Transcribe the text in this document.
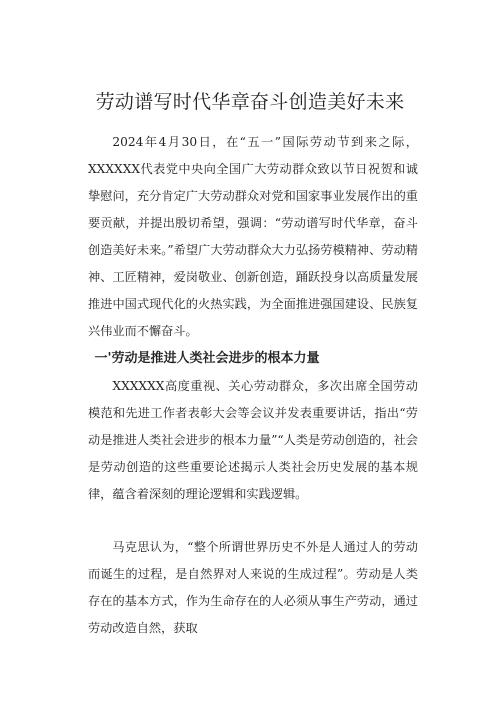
劳动谱写时代华章奋斗创造美好未来

2024年4月30日，在“五一”国际劳动节到来之际，XXXXXX代表党中央向全国广大劳动群众致以节日祝贺和诚挚慰问，充分肯定广大劳动群众对党和国家事业发展作出的重要贡献，并提出殷切希望，强调：“劳动谱写时代华章，奋斗创造美好未来。”希望广大劳动群众大力弘扬劳模精神、劳动精神、工匠精神，爱岗敬业、创新创造，踊跃投身以高质量发展推进中国式现代化的火热实践，为全面推进强国建设、民族复兴伟业而不懈奋斗。

一'劳动是推进人类社会进步的根本力量

XXXXXX高度重视、关心劳动群众，多次出席全国劳动模范和先进工作者表彰大会等会议并发表重要讲话，指出“劳动是推进人类社会进步的根本力量”“人类是劳动创造的，社会是劳动创造的这些重要论述揭示人类社会历史发展的基本规律，蕴含着深刻的理论逻辑和实践逻辑。

马克思认为，“整个所谓世界历史不外是人通过人的劳动而诞生的过程，是自然界对人来说的生成过程”。劳动是人类存在的基本方式，作为生命存在的人必须从事生产劳动，通过劳动改造自然，获取
